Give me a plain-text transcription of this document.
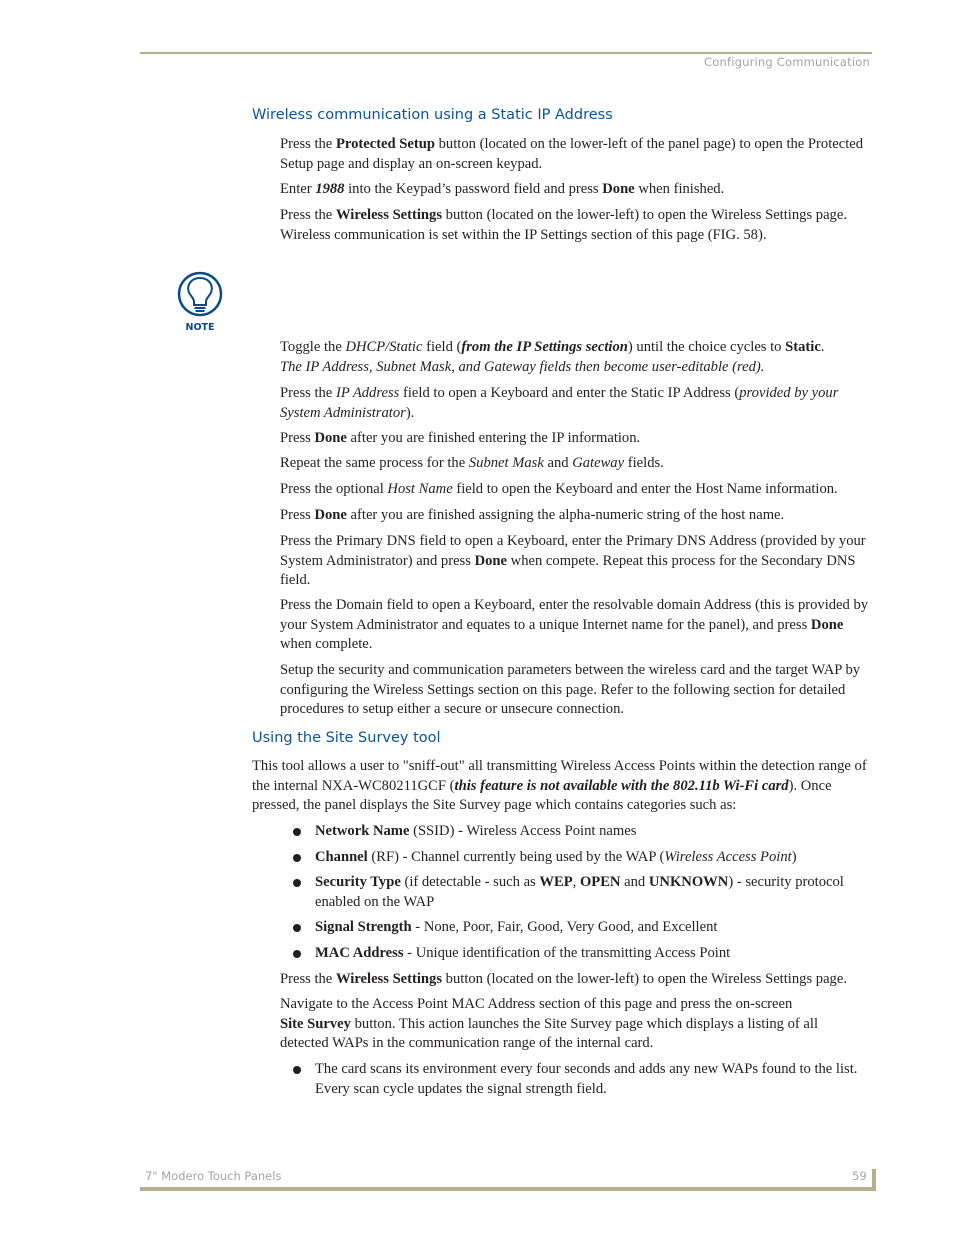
Configuring Communication
Wireless communication using a Static IP Address
Press the Protected Setup button (located on the lower-left of the panel page) to open the Protected Setup page and display an on-screen keypad.
Enter 1988 into the Keypad’s password field and press Done when finished.
Press the Wireless Settings button (located on the lower-left) to open the Wireless Settings page. Wireless communication is set within the IP Settings section of this page (FIG. 58).
NOTE
Toggle the DHCP/Static field (from the IP Settings section) until the choice cycles to Static.
The IP Address, Subnet Mask, and Gateway fields then become user-editable (red).
Press the IP Address field to open a Keyboard and enter the Static IP Address (provided by your System Administrator).
Press Done after you are finished entering the IP information.
Repeat the same process for the Subnet Mask and Gateway fields.
Press the optional Host Name field to open the Keyboard and enter the Host Name information.
Press Done after you are finished assigning the alpha-numeric string of the host name.
Press the Primary DNS field to open a Keyboard, enter the Primary DNS Address (provided by your System Administrator) and press Done when compete. Repeat this process for the Secondary DNS field.
Press the Domain field to open a Keyboard, enter the resolvable domain Address (this is provided by your System Administrator and equates to a unique Internet name for the panel), and press Done when complete.
Setup the security and communication parameters between the wireless card and the target WAP by configuring the Wireless Settings section on this page. Refer to the following section for detailed procedures to setup either a secure or unsecure connection.
Using the Site Survey tool
This tool allows a user to "sniff-out" all transmitting Wireless Access Points within the detection range of the internal NXA-WC80211GCF (this feature is not available with the 802.11b Wi-Fi card). Once pressed, the panel displays the Site Survey page which contains categories such as:
Network Name (SSID) - Wireless Access Point names
Channel (RF) - Channel currently being used by the WAP (Wireless Access Point)
Security Type (if detectable - such as WEP, OPEN and UNKNOWN) - security protocol enabled on the WAP
Signal Strength - None, Poor, Fair, Good, Very Good, and Excellent
MAC Address - Unique identification of the transmitting Access Point
Press the Wireless Settings button (located on the lower-left) to open the Wireless Settings page.
Navigate to the Access Point MAC Address section of this page and press the on-screen
Site Survey button. This action launches the Site Survey page which displays a listing of all detected WAPs in the communication range of the internal card.
The card scans its environment every four seconds and adds any new WAPs found to the list. Every scan cycle updates the signal strength field.
7" Modero Touch Panels	59
